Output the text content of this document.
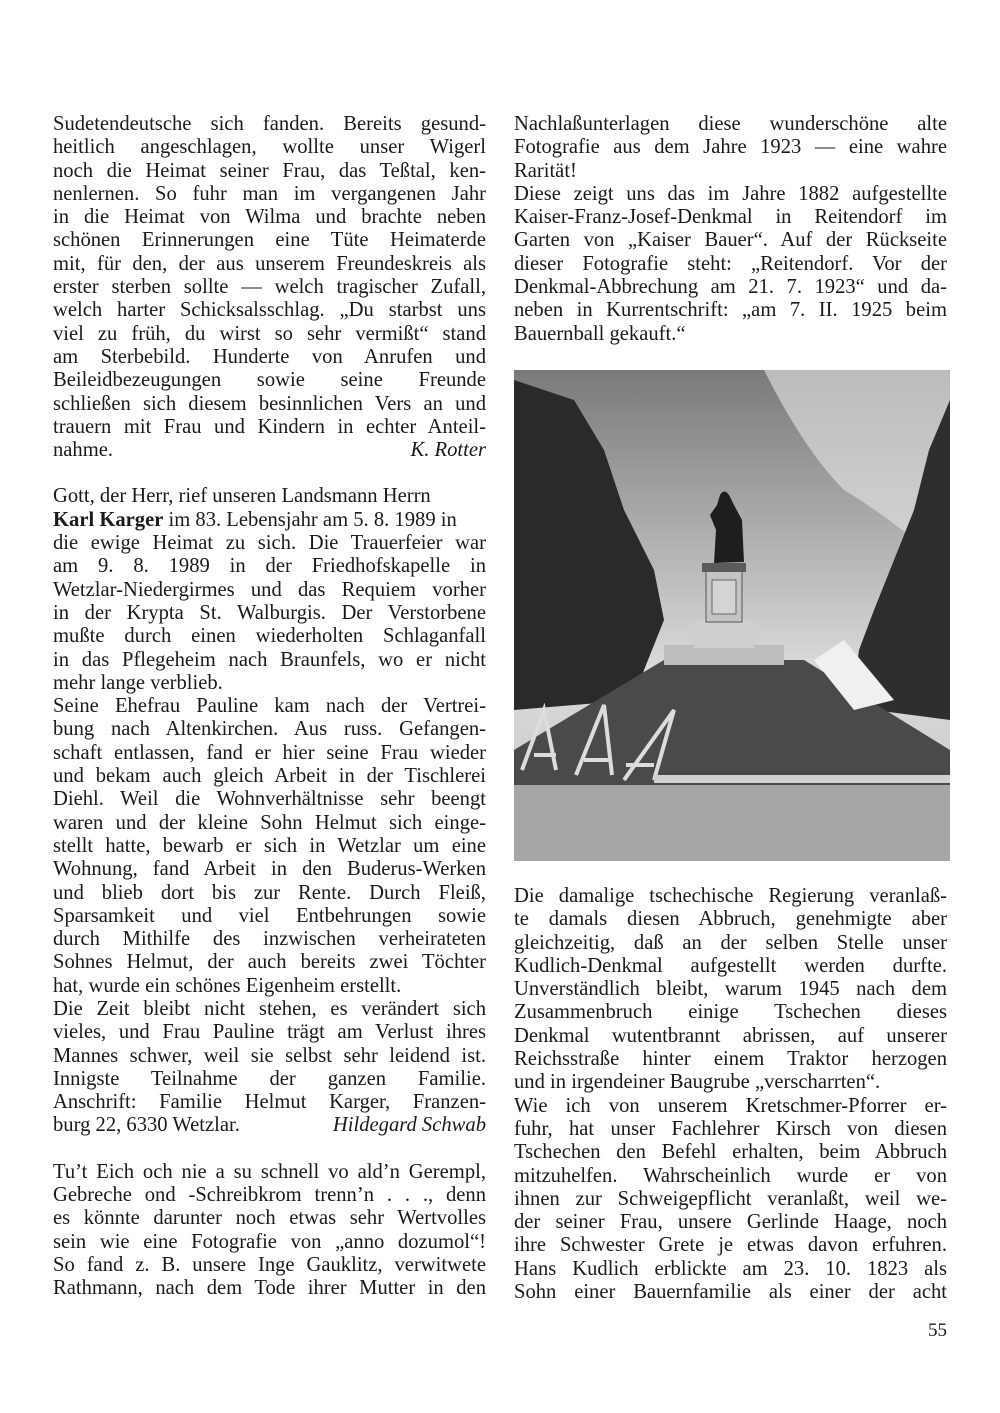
Sudetendeutsche sich fanden. Bereits gesund-
heitlich angeschlagen, wollte unser Wigerl
noch die Heimat seiner Frau, das Teßtal, ken-
nenlernen. So fuhr man im vergangenen Jahr
in die Heimat von Wilma und brachte neben
schönen Erinnerungen eine Tüte Heimaterde
mit, für den, der aus unserem Freundeskreis als
erster sterben sollte — welch tragischer Zufall,
welch harter Schicksalsschlag. „Du starbst uns
viel zu früh, du wirst so sehr vermißt“ stand
am Sterbebild. Hunderte von Anrufen und
Beileidbezeugungen sowie seine Freunde
schließen sich diesem besinnlichen Vers an und
trauern mit Frau und Kindern in echter Anteil-
nahme.	K. Rotter
Gott, der Herr, rief unseren Landsmann Herrn
Karl Karger im 83. Lebensjahr am 5. 8. 1989 in
die ewige Heimat zu sich. Die Trauerfeier war
am 9. 8. 1989 in der Friedhofskapelle in
Wetzlar-Niedergirmes und das Requiem vorher
in der Krypta St. Walburgis. Der Verstorbene
mußte durch einen wiederholten Schlaganfall
in das Pflegeheim nach Braunfels, wo er nicht
mehr lange verblieb.
Seine Ehefrau Pauline kam nach der Vertrei-
bung nach Altenkirchen. Aus russ. Gefangen-
schaft entlassen, fand er hier seine Frau wieder
und bekam auch gleich Arbeit in der Tischlerei
Diehl. Weil die Wohnverhältnisse sehr beengt
waren und der kleine Sohn Helmut sich einge-
stellt hatte, bewarb er sich in Wetzlar um eine
Wohnung, fand Arbeit in den Buderus-Werken
und blieb dort bis zur Rente. Durch Fleiß,
Sparsamkeit und viel Entbehrungen sowie
durch Mithilfe des inzwischen verheirateten
Sohnes Helmut, der auch bereits zwei Töchter
hat, wurde ein schönes Eigenheim erstellt.
Die Zeit bleibt nicht stehen, es verändert sich
vieles, und Frau Pauline trägt am Verlust ihres
Mannes schwer, weil sie selbst sehr leidend ist.
Innigste Teilnahme der ganzen Familie.
Anschrift: Familie Helmut Karger, Franzen-
burg 22, 6330 Wetzlar.	Hildegard Schwab
Tu’t Eich och nie a su schnell vo ald’n Gerempl,
Gebreche ond -Schreibkrom trenn’n . . ., denn
es könnte darunter noch etwas sehr Wertvolles
sein wie eine Fotografie von „anno dozumol“!
So fand z. B. unsere Inge Gauklitz, verwitwete
Rathmann, nach dem Tode ihrer Mutter in den
Nachlaßunterlagen diese wunderschöne alte
Fotografie aus dem Jahre 1923 — eine wahre
Rarität!
Diese zeigt uns das im Jahre 1882 aufgestellte
Kaiser-Franz-Josef-Denkmal in Reitendorf im
Garten von „Kaiser Bauer“. Auf der Rückseite
dieser Fotografie steht: „Reitendorf. Vor der
Denkmal-Abbrechung am 21. 7. 1923“ und da-
neben in Kurrentschrift: „am 7. II. 1925 beim
Bauernball gekauft.“
Die damalige tschechische Regierung veranlaß-
te damals diesen Abbruch, genehmigte aber
gleichzeitig, daß an der selben Stelle unser
Kudlich-Denkmal aufgestellt werden durfte.
Unverständlich bleibt, warum 1945 nach dem
Zusammenbruch einige Tschechen dieses
Denkmal wutentbrannt abrissen, auf unserer
Reichsstraße hinter einem Traktor herzogen
und in irgendeiner Baugrube „verscharrten“.
Wie ich von unserem Kretschmer-Pforrer er-
fuhr, hat unser Fachlehrer Kirsch von diesen
Tschechen den Befehl erhalten, beim Abbruch
mitzuhelfen. Wahrscheinlich wurde er von
ihnen zur Schweigepflicht veranlaßt, weil we-
der seiner Frau, unsere Gerlinde Haage, noch
ihre Schwester Grete je etwas davon erfuhren.
Hans Kudlich erblickte am 23. 10. 1823 als
Sohn einer Bauernfamilie als einer der acht
55
